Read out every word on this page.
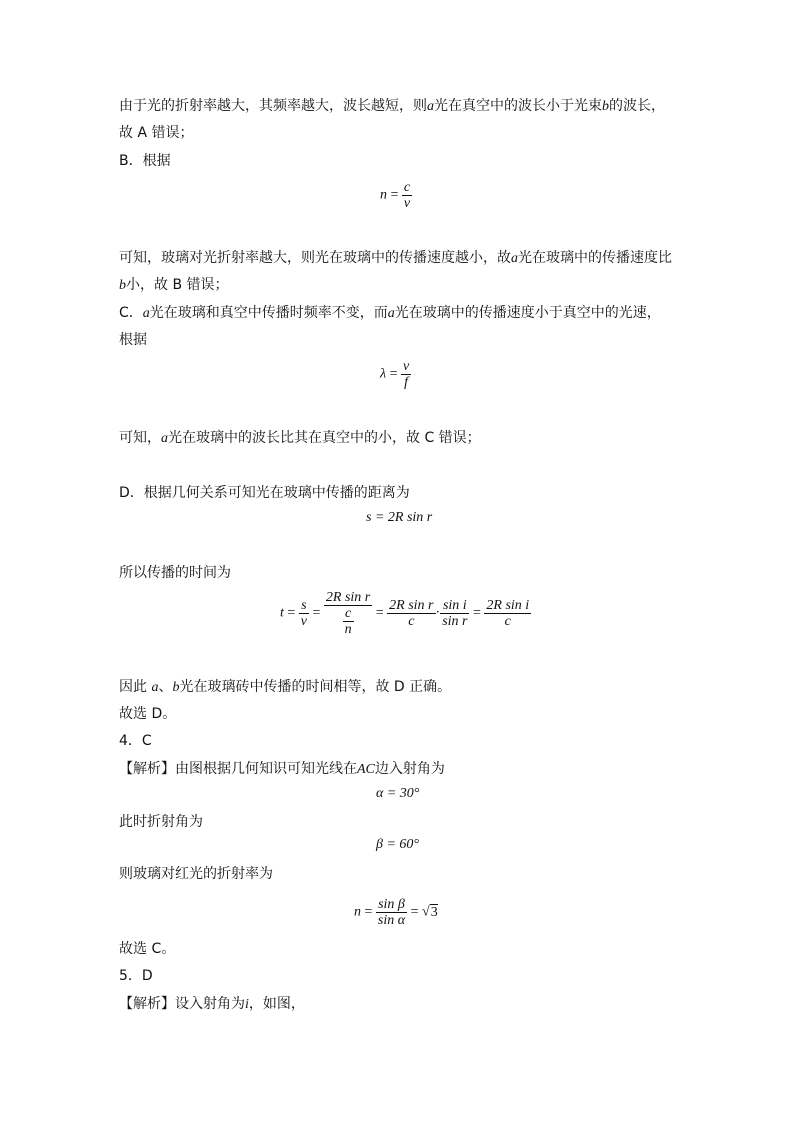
由于光的折射率越大，其频率越大，波长越短，则a光在真空中的波长小于光束b的波长，
故 A 错误；
B．根据
$n = \frac{c}{v}$
可知，玻璃对光折射率越大，则光在玻璃中的传播速度越小，故a光在玻璃中的传播速度比
b小，故 B 错误；
C．a光在玻璃和真空中传播时频率不变，而a光在玻璃中的传播速度小于真空中的光速，
根据
$\lambda = \frac{v}{f}$
可知，a光在玻璃中的波长比其在真空中的小，故 C 错误；
D．根据几何关系可知光在玻璃中传播的距离为
s = 2R sin r
所以传播的时间为
$t = \frac{s}{v} = \frac{\text{2R sin r}}{\frac{c}{n}} = \frac{\text{2R sin r}}{c} \cdot \frac{\text{sin i}}{\text{sin r}} = \frac{\text{2R sin i}}{c}$
因此 a、b光在玻璃砖中传播的时间相等，故 D 正确。
故选 D。
4．C
【解析】由图根据几何知识可知光线在AC边入射角为
α = 30°
此时折射角为
β = 60°
则玻璃对红光的折射率为
$n = \frac{\text{sin β}}{\text{sin α}} = √3$
故选 C。
5．D
【解析】设入射角为i，如图，
